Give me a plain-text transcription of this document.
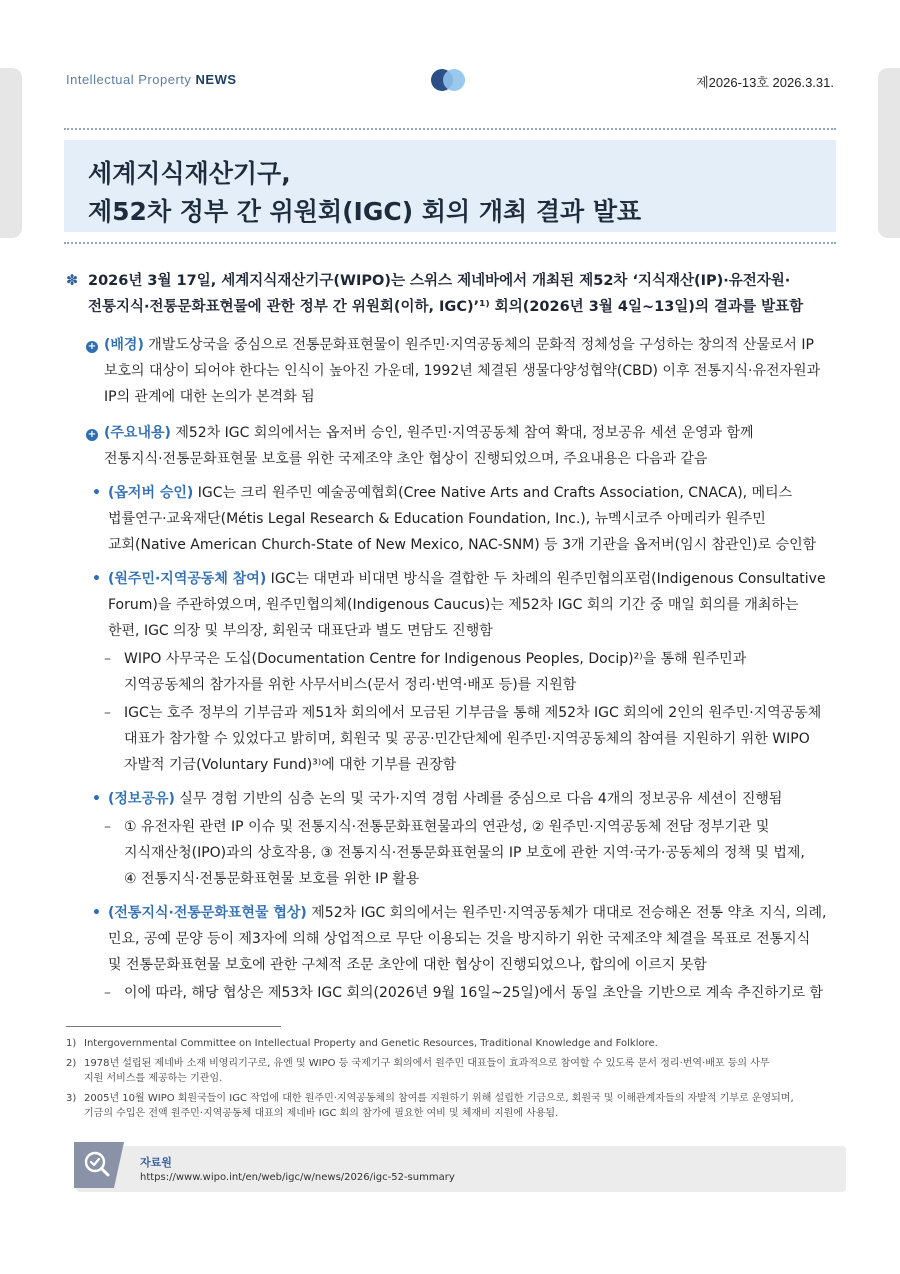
Intellectual Property NEWS	제2026-13호 2026.3.31.
세계지식재산기구,
제52차 정부 간 위원회(IGC) 회의 개최 결과 발표
✽ 2026년 3월 17일, 세계지식재산기구(WIPO)는 스위스 제네바에서 개최된 제52차 ‘지식재산(IP)·유전자원·
전통지식·전통문화표현물에 관한 정부 간 위원회(이하, IGC)’¹⁾ 회의(2026년 3월 4일~13일)의 결과를 발표함
+ (배경) 개발도상국을 중심으로 전통문화표현물이 원주민·지역공동체의 문화적 정체성을 구성하는 창의적 산물로서 IP
보호의 대상이 되어야 한다는 인식이 높아진 가운데, 1992년 체결된 생물다양성협약(CBD) 이후 전통지식·유전자원과
IP의 관계에 대한 논의가 본격화 됨
+ (주요내용) 제52차 IGC 회의에서는 옵저버 승인, 원주민·지역공동체 참여 확대, 정보공유 세션 운영과 함께
전통지식·전통문화표현물 보호를 위한 국제조약 초안 협상이 진행되었으며, 주요내용은 다음과 같음
• (옵저버 승인) IGC는 크리 원주민 예술공예협회(Cree Native Arts and Crafts Association, CNACA), 메티스
법률연구·교육재단(Métis Legal Research & Education Foundation, Inc.), 뉴멕시코주 아메리카 원주민
교회(Native American Church-State of New Mexico, NAC-SNM) 등 3개 기관을 옵저버(임시 참관인)로 승인함
• (원주민·지역공동체 참여) IGC는 대면과 비대면 방식을 결합한 두 차례의 원주민협의포럼(Indigenous Consultative
Forum)을 주관하였으며, 원주민협의체(Indigenous Caucus)는 제52차 IGC 회의 기간 중 매일 회의를 개최하는
한편, IGC 의장 및 부의장, 회원국 대표단과 별도 면담도 진행함
– WIPO 사무국은 도십(Documentation Centre for Indigenous Peoples, Docip)²⁾을 통해 원주민과
지역공동체의 참가자를 위한 사무서비스(문서 정리·번역·배포 등)를 지원함
– IGC는 호주 정부의 기부금과 제51차 회의에서 모금된 기부금을 통해 제52차 IGC 회의에 2인의 원주민·지역공동체
대표가 참가할 수 있었다고 밝히며, 회원국 및 공공·민간단체에 원주민·지역공동체의 참여를 지원하기 위한 WIPO
자발적 기금(Voluntary Fund)³⁾에 대한 기부를 권장함
• (정보공유) 실무 경험 기반의 심층 논의 및 국가·지역 경험 사례를 중심으로 다음 4개의 정보공유 세션이 진행됨
– ① 유전자원 관련 IP 이슈 및 전통지식·전통문화표현물과의 연관성, ② 원주민·지역공동체 전담 정부기관 및
지식재산청(IPO)과의 상호작용, ③ 전통지식·전통문화표현물의 IP 보호에 관한 지역·국가·공동체의 정책 및 법제,
④ 전통지식·전통문화표현물 보호를 위한 IP 활용
• (전통지식·전통문화표현물 협상) 제52차 IGC 회의에서는 원주민·지역공동체가 대대로 전승해온 전통 약초 지식, 의례,
민요, 공예 문양 등이 제3자에 의해 상업적으로 무단 이용되는 것을 방지하기 위한 국제조약 체결을 목표로 전통지식
및 전통문화표현물 보호에 관한 구체적 조문 초안에 대한 협상이 진행되었으나, 합의에 이르지 못함
– 이에 따라, 해당 협상은 제53차 IGC 회의(2026년 9월 16일~25일)에서 동일 초안을 기반으로 계속 추진하기로 함
1) Intergovernmental Committee on Intellectual Property and Genetic Resources, Traditional Knowledge and Folklore.
2) 1978년 설립된 제네바 소재 비영리기구로, 유엔 및 WIPO 등 국제기구 회의에서 원주민 대표들이 효과적으로 참여할 수 있도록 문서 정리·번역·배포 등의 사무
지원 서비스를 제공하는 기관임.
3) 2005년 10월 WIPO 회원국들이 IGC 작업에 대한 원주민·지역공동체의 참여를 지원하기 위해 설립한 기금으로, 회원국 및 이해관계자들의 자발적 기부로 운영되며,
기금의 수입은 전액 원주민·지역공동체 대표의 제네바 IGC 회의 참가에 필요한 여비 및 체재비 지원에 사용됨.
자료원
https://www.wipo.int/en/web/igc/w/news/2026/igc-52-summary
